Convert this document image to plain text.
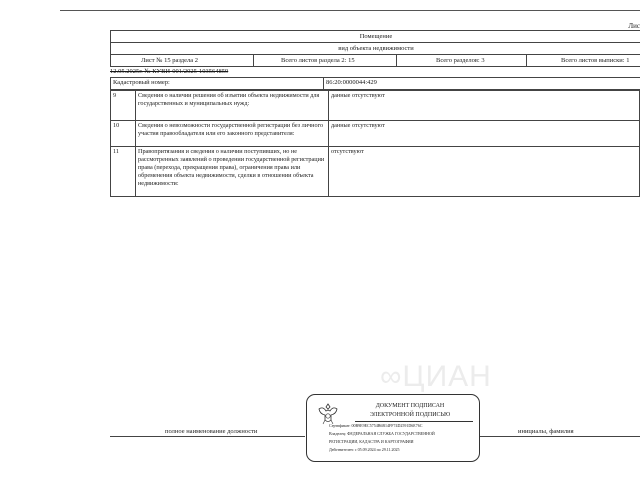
Лис
Помещение
вид объекта недвижимости
Лист № 15 раздела 2	Всего листов раздела 2: 15	Всего разделов: 3	Всего листов выписки: 1
12.05.2025г. № КУВИ-001/2025-103564859
Кадастровый номер:	86:20:0000044:429
9	Сведения о наличии решения об изъятии объекта недвижимости для государственных и муниципальных нужд:	данные отсутствуют
10	Сведения о невозможности государственной регистрации без личного участия правообладателя или его законного представителя:	данные отсутствуют
11	Правопритязания и сведения о наличии поступивших, но не рассмотренных заявлений о проведении государственной регистрации права (перехода, прекращения права), ограничения права или обременения объекта недвижимости, сделки в отношении объекта недвижимости:	отсутствуют
∞ЦИАН
полное наименование должности	инициалы, фамилия
ДОКУМЕНТ ПОДПИСАН
ЭЛЕКТРОННОЙ ПОДПИСЬЮ
Сертификат: 00B9E9EC5754B6B14FF74D2591D6E76C
Владелец: ФЕДЕРАЛЬНАЯ СЛУЖБА ГОСУДАРСТВЕННОЙ
РЕГИСТРАЦИИ, КАДАСТРА И КАРТОГРАФИИ
Действителен: с 05.09.2024 по 29.11.2025
